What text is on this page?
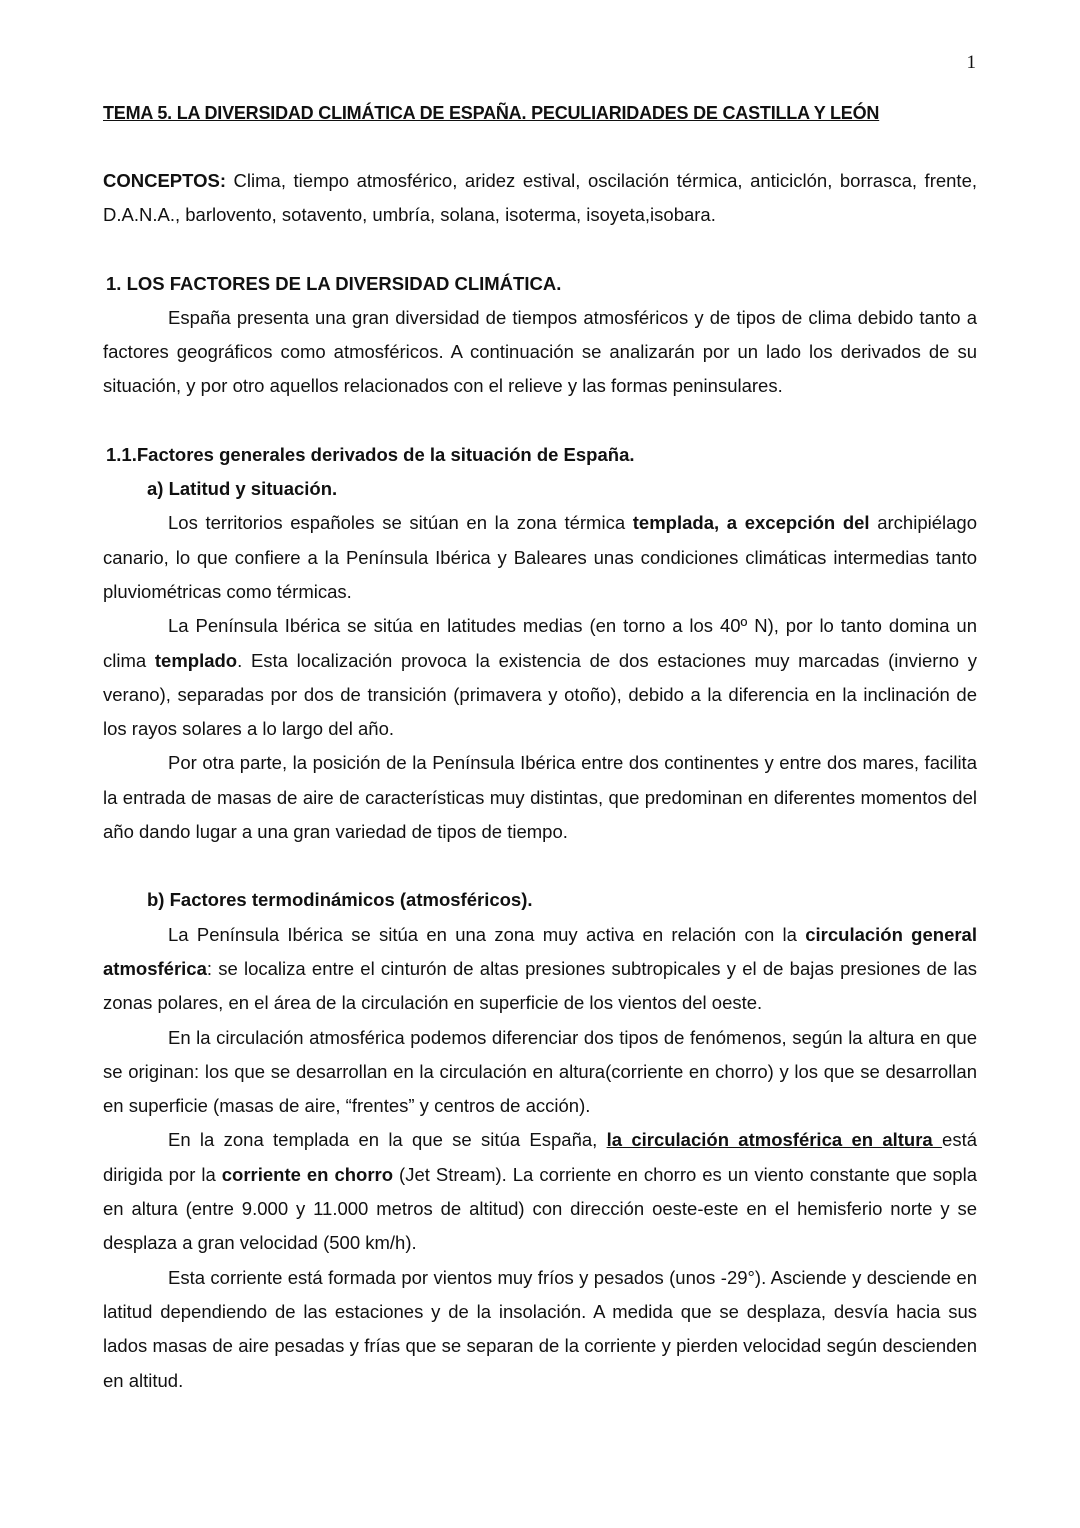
1
TEMA 5. LA DIVERSIDAD CLIMÁTICA DE ESPAÑA. PECULIARIDADES DE CASTILLA Y LEÓN

CONCEPTOS: Clima, tiempo atmosférico, aridez estival, oscilación térmica, anticiclón, borrasca, frente, D.A.N.A., barlovento, sotavento, umbría, solana, isoterma, isoyeta,isobara.

1. LOS FACTORES DE LA DIVERSIDAD CLIMÁTICA.

España presenta una gran diversidad de tiempos atmosféricos y de tipos de clima debido tanto a factores geográficos como atmosféricos. A continuación se analizarán por un lado los derivados de su situación, y por otro aquellos relacionados con el relieve y las formas peninsulares.

1.1.Factores generales derivados de la situación de España.
a) Latitud y situación.

Los territorios españoles se sitúan en la zona térmica templada, a excepción del archipiélago canario, lo que confiere a la Península Ibérica y Baleares unas condiciones climáticas intermedias tanto pluviométricas como térmicas.

La Península Ibérica se sitúa en latitudes medias (en torno a los 40º N), por lo tanto domina un clima templado. Esta localización provoca la existencia de dos estaciones muy marcadas (invierno y verano), separadas por dos de transición (primavera y otoño), debido a la diferencia en la inclinación de los rayos solares a lo largo del año.

Por otra parte, la posición de la Península Ibérica entre dos continentes y entre dos mares, facilita la entrada de masas de aire de características muy distintas, que predominan en diferentes momentos del año dando lugar a una gran variedad de tipos de tiempo.

b) Factores termodinámicos (atmosféricos).

La Península Ibérica se sitúa en una zona muy activa en relación con la circulación general atmosférica: se localiza entre el cinturón de altas presiones subtropicales y el de bajas presiones de las zonas polares, en el área de la circulación en superficie de los vientos del oeste.

En la circulación atmosférica podemos diferenciar dos tipos de fenómenos, según la altura en que se originan: los que se desarrollan en la circulación en altura(corriente en chorro) y los que se desarrollan en superficie (masas de aire, “frentes” y centros de acción).

En la zona templada en la que se sitúa España, la circulación atmosférica en altura está dirigida por la corriente en chorro (Jet Stream). La corriente en chorro es un viento constante que sopla en altura (entre 9.000 y 11.000 metros de altitud) con dirección oeste-este en el hemisferio norte y se desplaza a gran velocidad (500 km/h).

Esta corriente está formada por vientos muy fríos y pesados (unos -29°). Asciende y desciende en latitud dependiendo de las estaciones y de la insolación. A medida que se desplaza, desvía hacia sus lados masas de aire pesadas y frías que se separan de la corriente y pierden velocidad según descienden en altitud.
